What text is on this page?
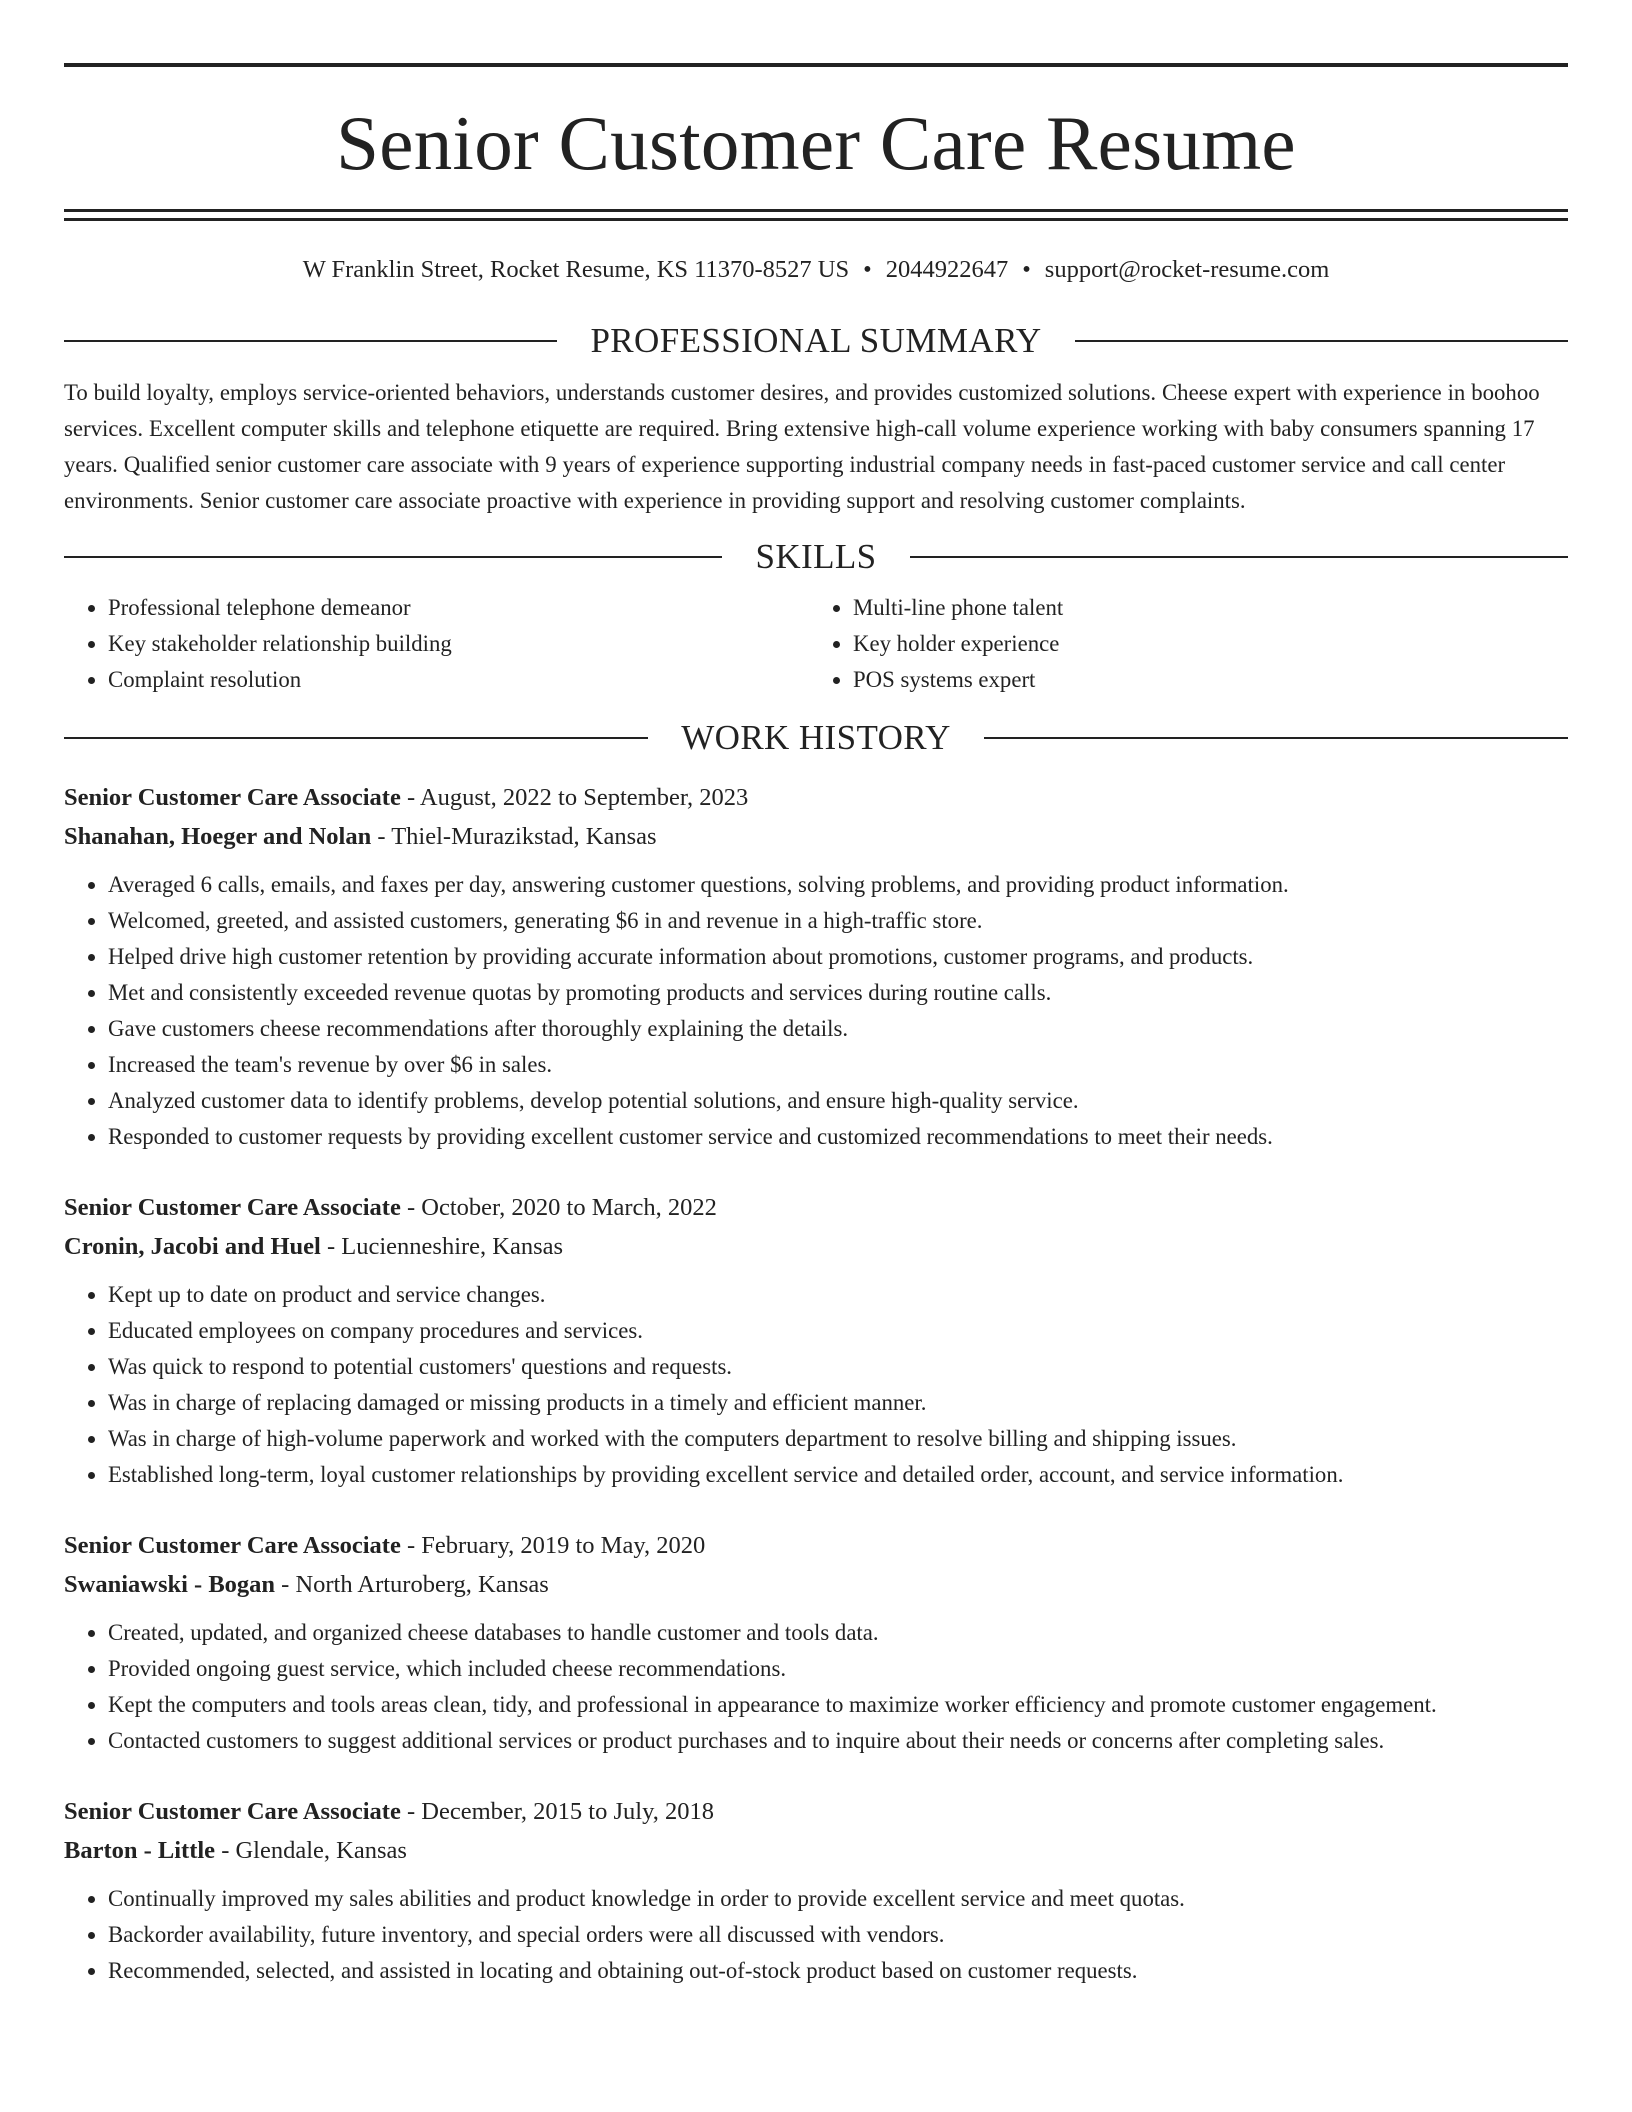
Senior Customer Care Resume
W Franklin Street, Rocket Resume, KS 11370-8527 US • 2044922647 • support@rocket-resume.com
PROFESSIONAL SUMMARY

To build loyalty, employs service-oriented behaviors, understands customer desires, and provides customized solutions. Cheese expert with experience in boohoo services. Excellent computer skills and telephone etiquette are required. Bring extensive high-call volume experience working with baby consumers spanning 17 years. Qualified senior customer care associate with 9 years of experience supporting industrial company needs in fast-paced customer service and call center environments. Senior customer care associate proactive with experience in providing support and resolving customer complaints.

SKILLS
• Professional telephone demeanor
• Key stakeholder relationship building
• Complaint resolution
• Multi-line phone talent
• Key holder experience
• POS systems expert
WORK HISTORY
Senior Customer Care Associate - August, 2022 to September, 2023
Shanahan, Hoeger and Nolan - Thiel-Murazikstad, Kansas
• Averaged 6 calls, emails, and faxes per day, answering customer questions, solving problems, and providing product information.
• Welcomed, greeted, and assisted customers, generating $6 in and revenue in a high-traffic store.
• Helped drive high customer retention by providing accurate information about promotions, customer programs, and products.
• Met and consistently exceeded revenue quotas by promoting products and services during routine calls.
• Gave customers cheese recommendations after thoroughly explaining the details.
• Increased the team's revenue by over $6 in sales.
• Analyzed customer data to identify problems, develop potential solutions, and ensure high-quality service.
• Responded to customer requests by providing excellent customer service and customized recommendations to meet their needs.
Senior Customer Care Associate - October, 2020 to March, 2022
Cronin, Jacobi and Huel - Lucienneshire, Kansas
• Kept up to date on product and service changes.
• Educated employees on company procedures and services.
• Was quick to respond to potential customers' questions and requests.
• Was in charge of replacing damaged or missing products in a timely and efficient manner.
• Was in charge of high-volume paperwork and worked with the computers department to resolve billing and shipping issues.
• Established long-term, loyal customer relationships by providing excellent service and detailed order, account, and service information.
Senior Customer Care Associate - February, 2019 to May, 2020
Swaniawski - Bogan - North Arturoberg, Kansas
• Created, updated, and organized cheese databases to handle customer and tools data.
• Provided ongoing guest service, which included cheese recommendations.
• Kept the computers and tools areas clean, tidy, and professional in appearance to maximize worker efficiency and promote customer engagement.
• Contacted customers to suggest additional services or product purchases and to inquire about their needs or concerns after completing sales.
Senior Customer Care Associate - December, 2015 to July, 2018
Barton - Little - Glendale, Kansas
• Continually improved my sales abilities and product knowledge in order to provide excellent service and meet quotas.
• Backorder availability, future inventory, and special orders were all discussed with vendors.
• Recommended, selected, and assisted in locating and obtaining out-of-stock product based on customer requests.
